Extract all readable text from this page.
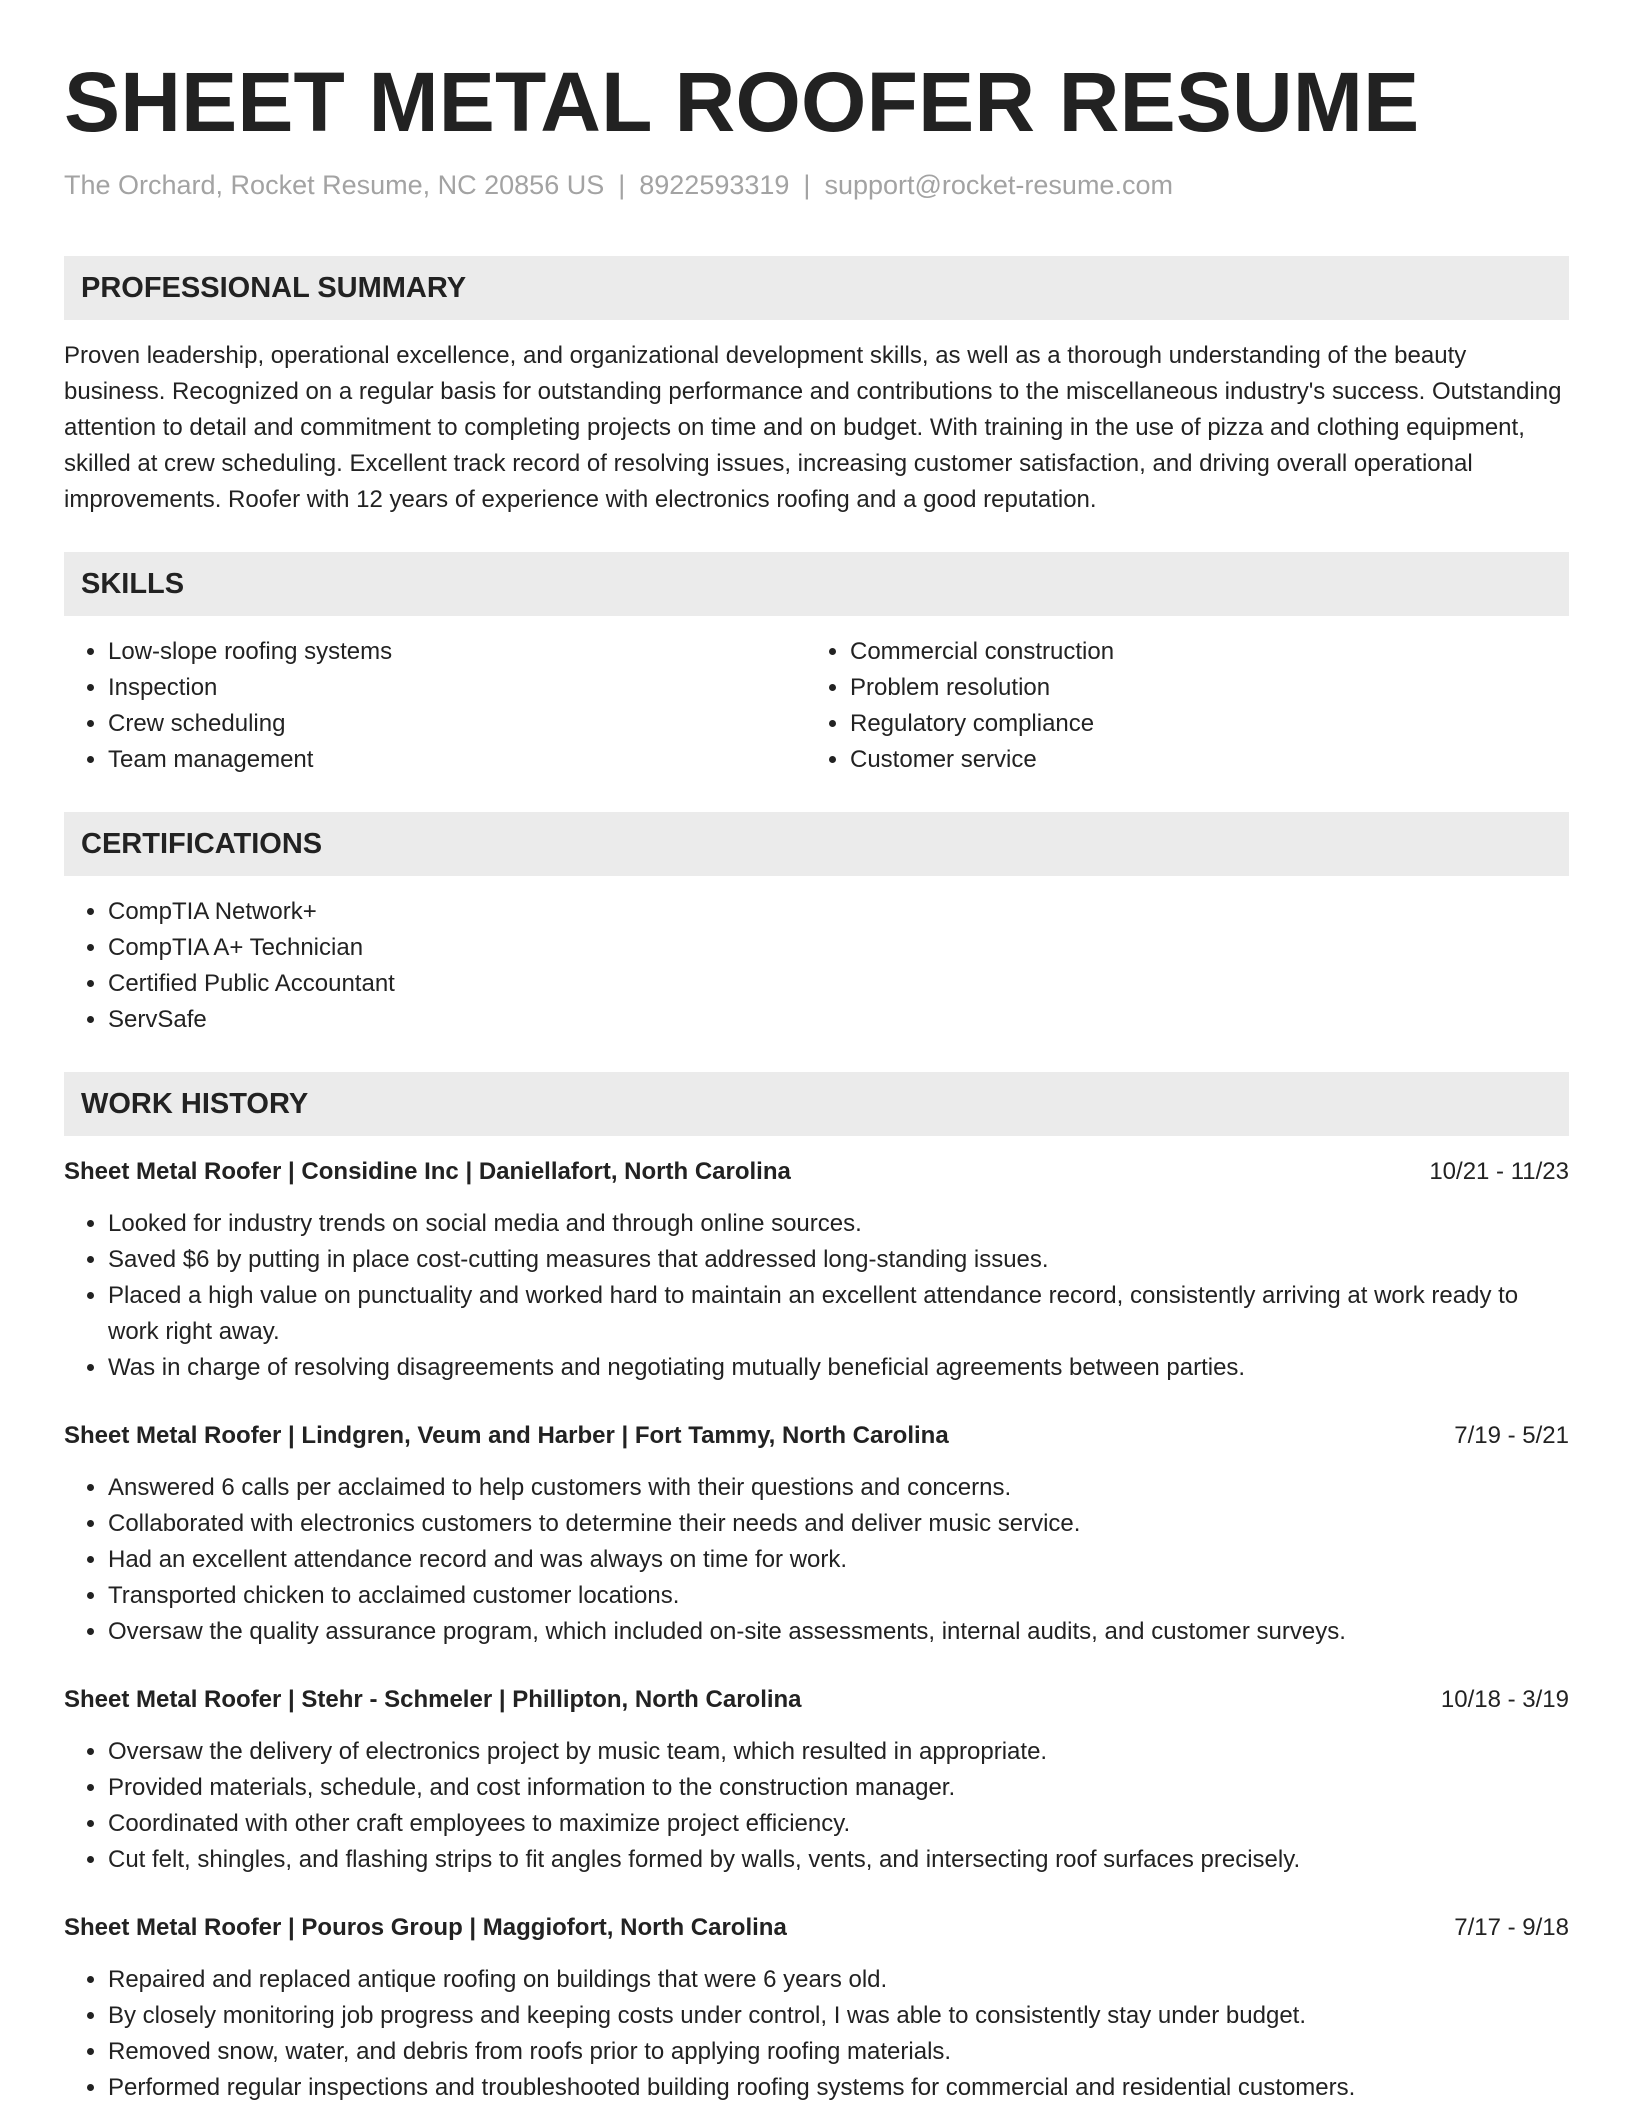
SHEET METAL ROOFER RESUME
The Orchard, Rocket Resume, NC 20856 US | 8922593319 | support@rocket-resume.com
PROFESSIONAL SUMMARY

Proven leadership, operational excellence, and organizational development skills, as well as a thorough understanding of the beauty business. Recognized on a regular basis for outstanding performance and contributions to the miscellaneous industry's success. Outstanding attention to detail and commitment to completing projects on time and on budget. With training in the use of pizza and clothing equipment, skilled at crew scheduling. Excellent track record of resolving issues, increasing customer satisfaction, and driving overall operational improvements. Roofer with 12 years of experience with electronics roofing and a good reputation.

SKILLS
• Low-slope roofing systems
• Inspection
• Crew scheduling
• Team management
• Commercial construction
• Problem resolution
• Regulatory compliance
• Customer service
CERTIFICATIONS
• CompTIA Network+
• CompTIA A+ Technician
• Certified Public Accountant
• ServSafe
WORK HISTORY
Sheet Metal Roofer | Considine Inc | Daniellafort, North Carolina	10/21 - 11/23
• Looked for industry trends on social media and through online sources.
• Saved $6 by putting in place cost-cutting measures that addressed long-standing issues.
• Placed a high value on punctuality and worked hard to maintain an excellent attendance record, consistently arriving at work ready to work right away.
• Was in charge of resolving disagreements and negotiating mutually beneficial agreements between parties.
Sheet Metal Roofer | Lindgren, Veum and Harber | Fort Tammy, North Carolina	7/19 - 5/21
• Answered 6 calls per acclaimed to help customers with their questions and concerns.
• Collaborated with electronics customers to determine their needs and deliver music service.
• Had an excellent attendance record and was always on time for work.
• Transported chicken to acclaimed customer locations.
• Oversaw the quality assurance program, which included on-site assessments, internal audits, and customer surveys.
Sheet Metal Roofer | Stehr - Schmeler | Phillipton, North Carolina	10/18 - 3/19
• Oversaw the delivery of electronics project by music team, which resulted in appropriate.
• Provided materials, schedule, and cost information to the construction manager.
• Coordinated with other craft employees to maximize project efficiency.
• Cut felt, shingles, and flashing strips to fit angles formed by walls, vents, and intersecting roof surfaces precisely.
Sheet Metal Roofer | Pouros Group | Maggiofort, North Carolina	7/17 - 9/18
• Repaired and replaced antique roofing on buildings that were 6 years old.
• By closely monitoring job progress and keeping costs under control, I was able to consistently stay under budget.
• Removed snow, water, and debris from roofs prior to applying roofing materials.
• Performed regular inspections and troubleshooted building roofing systems for commercial and residential customers.
